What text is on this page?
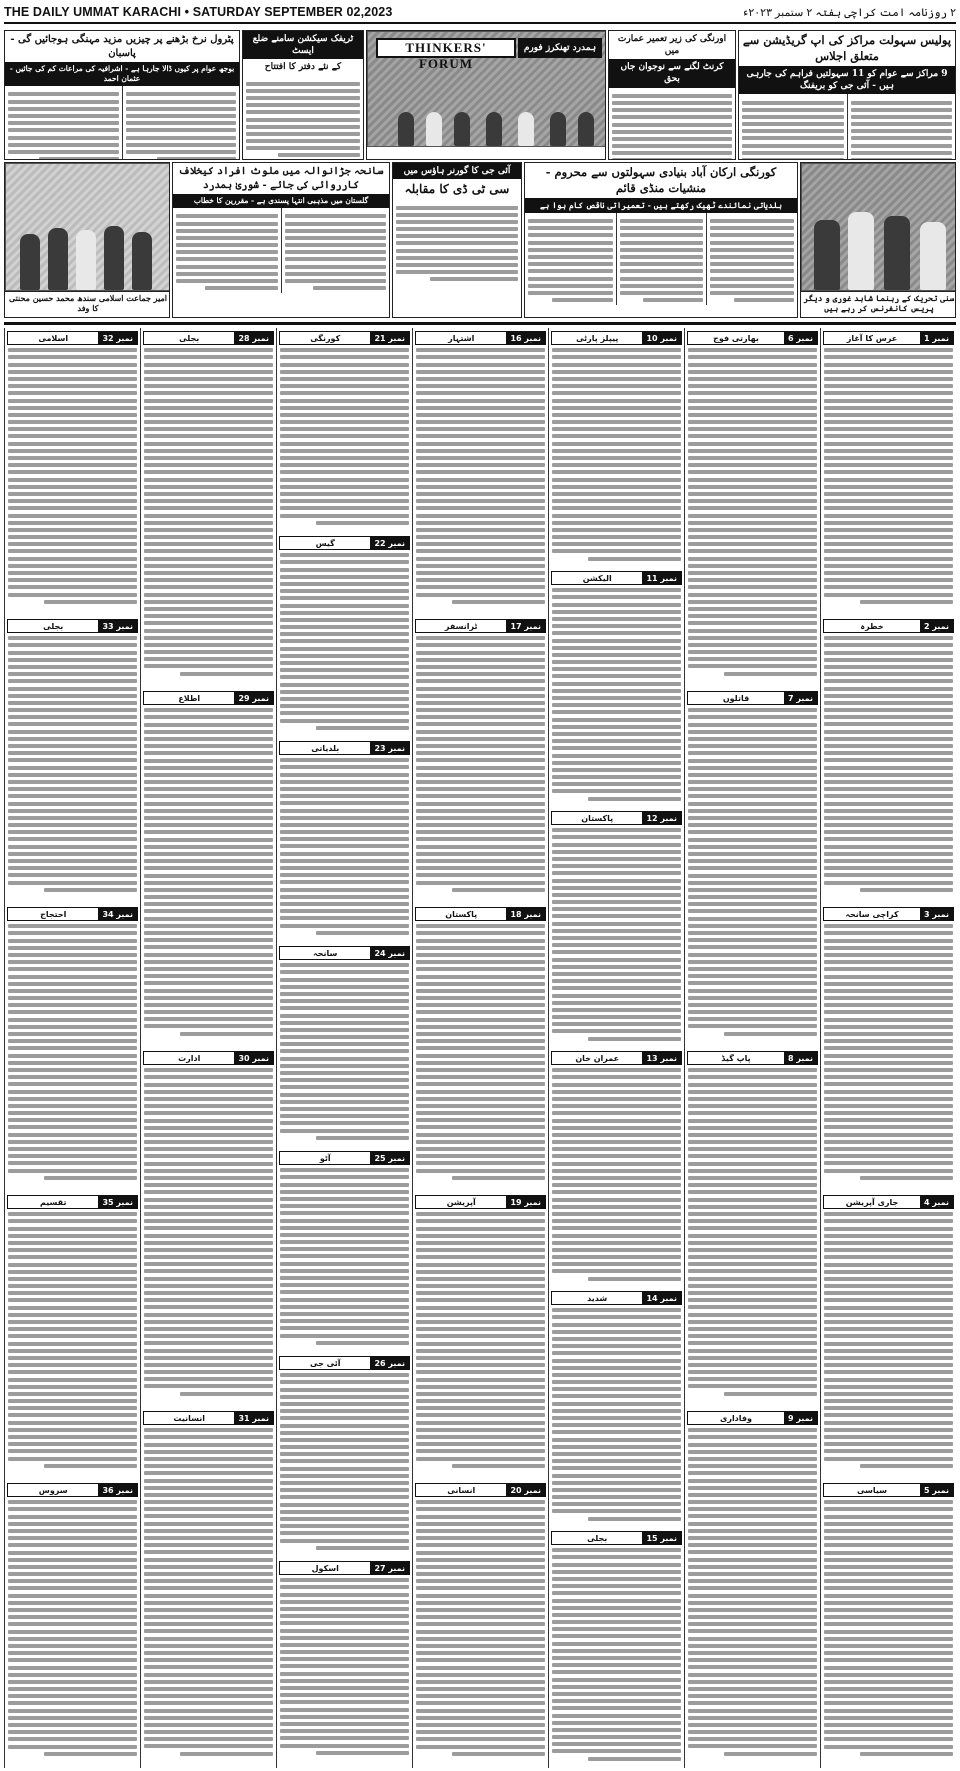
THE DAILY UMMAT KARACHI • SATURDAY SEPTEMBER 02,2023	۲ روزنامہ امت کراچی ہفتہ ۲ ستمبر ۲۰۲۳ء
پولیس سہولت مراکز کی اپ گریڈیشن سے متعلق اجلاس
9 مراکز سے عوام کو 11 سہولتیں فراہم کی جارہی ہیں - آئی جی کو بریفنگ
اورنگی کی زیر تعمیر عمارت میں
کرنٹ لگنے سے نوجوان جاں بحق
THINKERS' FORUM
ہمدرد تھنکرز فورم
ٹریفک سیکشن سامنے ضلع ایسٹ
کے نئے دفتر کا افتتاح
پٹرول نرخ بڑھنے پر چیزیں مزید مہنگی ہوجائیں گی - پاسبان
بوجھ عوام پر کیوں ڈالا جارہا ہے - اشرافیہ کی مراعات کم کی جائیں - عثمان احمد
سنی تحریک کے رہنما شاہد غوری و دیگر پریس کانفرنس کر رہے ہیں
کورنگی ارکان آباد بنیادی سہولتوں سے محروم - منشیات منڈی قائم
بلدیاتی نمائندے ٹھیک رکھتے ہیں - تعمیراتی ناقص کام ہوا ہے
آئی جی کا گورنر ہاؤس میں
سی ٹی ڈی کا مقابلہ
سانحہ جڑانوالہ میں ملوث افراد کیخلاف کارروائی کی جائے - شوریٰ ہمدرد
گلستان میں مذہبی انتہا پسندی ہے - مقررین کا خطاب
امیر جماعت اسلامی سندھ محمد حسین محنتی کا وفد
نمبر 1
عرس کا آغاز
نمبر 2
خطرہ
نمبر 3
کراچی سانحہ
نمبر 4
جاری آپریشن
نمبر 5
سیاسی
نمبر 6
بھارتی فوج
نمبر 7
قاتلوں
نمبر 8
پاپ گیڈ
نمبر 9
وفاداری
نمبر 10
پیپلز پارٹی
نمبر 11
الیکشن
نمبر 12
پاکستان
نمبر 13
عمران خان
نمبر 14
شدید
نمبر 15
بجلی
نمبر 16
اشتہار
نمبر 17
ٹرانسفر
نمبر 18
پاکستان
نمبر 19
آپریشن
نمبر 20
انسانی
نمبر 21
کورنگی
نمبر 22
گیس
نمبر 23
بلدیاتی
نمبر 24
سانحہ
نمبر 25
آٹو
نمبر 26
آئی جی
نمبر 27
اسکول
نمبر 28
بجلی
نمبر 29
اطلاع
نمبر 30
ادارت
نمبر 31
انسانیت
نمبر 32
اسلامی
نمبر 33
بجلی
نمبر 34
احتجاج
نمبر 35
تقسیم
نمبر 36
سروس
